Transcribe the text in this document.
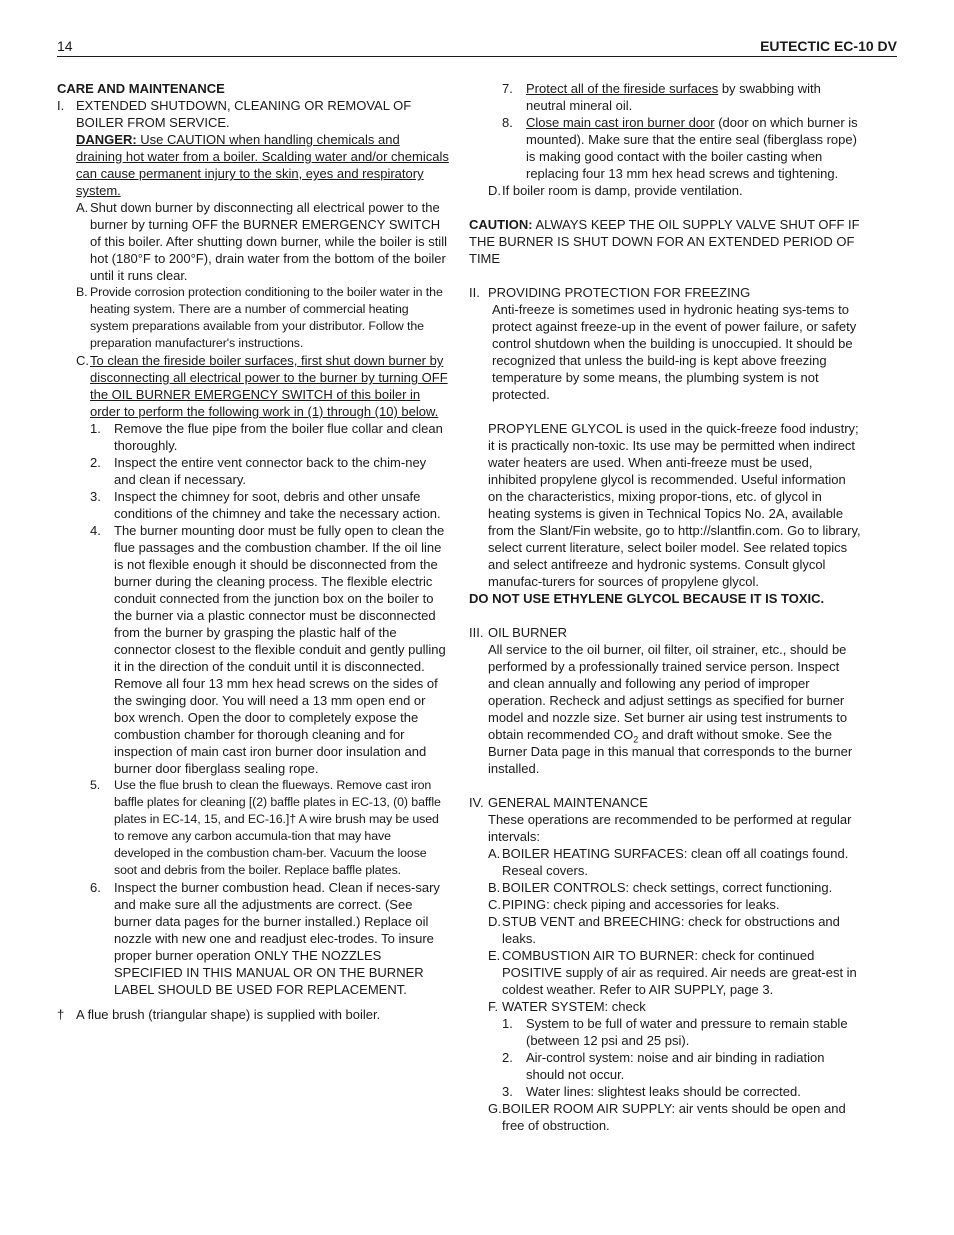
14	EUTECTIC EC-10 DV

CARE AND MAINTENANCE

I. EXTENDED SHUTDOWN, CLEANING OR REMOVAL OF BOILER FROM SERVICE.

DANGER: Use CAUTION when handling chemicals and draining hot water from a boiler. Scalding water and/or chemicals can cause permanent injury to the skin, eyes and respiratory system.

A. Shut down burner by disconnecting all electrical power to the burner by turning OFF the BURNER EMERGENCY SWITCH of this boiler. After shutting down burner, while the boiler is still hot (180°F to 200°F), drain water from the bottom of the boiler until it runs clear.

B. Provide corrosion protection conditioning to the boiler water in the heating system. There are a number of commercial heating system preparations available from your distributor. Follow the preparation manufacturer's instructions.

C. To clean the fireside boiler surfaces, first shut down burner by disconnecting all electrical power to the burner by turning OFF the OIL BURNER EMERGENCY SWITCH of this boiler in order to perform the following work in (1) through (10) below.

1.	Remove the flue pipe from the boiler flue collar and clean thoroughly.

2.	Inspect the entire vent connector back to the chim-ney and clean if necessary.

3.	Inspect the chimney for soot, debris and other unsafe conditions of the chimney and take the necessary action.

4.	The burner mounting door must be fully open to clean the flue passages and the combustion chamber. If the oil line is not flexible enough it should be disconnected from the burner during the cleaning process. The flexible electric conduit connected from the junction box on the boiler to the burner via a plastic connector must be disconnected from the burner by grasping the plastic half of the connector closest to the flexible conduit and gently pulling it in the direction of the conduit until it is disconnected. Remove all four 13 mm hex head screws on the sides of the swinging door. You will need a 13 mm open end or box wrench. Open the door to completely expose the combustion chamber for thorough cleaning and for inspection of main cast iron burner door insulation and burner door fiberglass sealing rope.

5.	Use the flue brush to clean the flueways. Remove cast iron baffle plates for cleaning [(2) baffle plates in EC-13, (0) baffle plates in EC-14, 15, and EC-16.]† A wire brush may be used to remove any carbon accumula-tion that may have developed in the combustion cham-ber. Vacuum the loose soot and debris from the boiler. Replace baffle plates.

6.	Inspect the burner combustion head. Clean if neces-sary and make sure all the adjustments are correct. (See burner data pages for the burner installed.) Replace oil nozzle with new one and readjust elec-trodes. To insure proper burner operation ONLY THE NOZZLES SPECIFIED IN THIS MANUAL OR ON THE BURNER LABEL SHOULD BE USED FOR REPLACEMENT.

† A flue brush (triangular shape) is supplied with boiler.

7.	Protect all of the fireside surfaces by swabbing with neutral mineral oil.

8.	Close main cast iron burner door (door on which burner is mounted). Make sure that the entire seal (fiberglass rope) is making good contact with the boiler casting when replacing four 13 mm hex head screws and tightening.

D. If boiler room is damp, provide ventilation.

CAUTION: ALWAYS KEEP THE OIL SUPPLY VALVE SHUT OFF IF THE BURNER IS SHUT DOWN FOR AN EXTENDED PERIOD OF TIME

II. PROVIDING PROTECTION FOR FREEZING

Anti-freeze is sometimes used in hydronic heating sys-tems to protect against freeze-up in the event of power failure, or safety control shutdown when the building is unoccupied. It should be recognized that unless the build-ing is kept above freezing temperature by some means, the plumbing system is not protected.

PROPYLENE GLYCOL is used in the quick-freeze food industry; it is practically non-toxic. Its use may be permitted when indirect water heaters are used. When anti-freeze must be used, inhibited propylene glycol is recommended. Useful information on the characteristics, mixing propor-tions, etc. of glycol in heating systems is given in Technical Topics No. 2A, available from the Slant/Fin website, go to http://slantfin.com. Go to library, select current literature, select boiler model. See related topics and select antifreeze and hydronic systems. Consult glycol manufac-turers for sources of propylene glycol.

DO NOT USE ETHYLENE GLYCOL BECAUSE IT IS TOXIC.

III. OIL BURNER

All service to the oil burner, oil filter, oil strainer, etc., should be performed by a professionally trained service person. Inspect and clean annually and following any period of improper operation. Recheck and adjust settings as specified for burner model and nozzle size. Set burner air using test instruments to obtain recommended $CO_2$ and draft without smoke. See the Burner Data page in this manual that corresponds to the burner installed.

IV. GENERAL MAINTENANCE

These operations are recommended to be performed at regular intervals:

A. BOILER HEATING SURFACES: clean off all coatings found. Reseal covers.

B. BOILER CONTROLS: check settings, correct functioning.

C. PIPING: check piping and accessories for leaks.

D. STUB VENT and BREECHING: check for obstructions and leaks.

E. COMBUSTION AIR TO BURNER: check for continued POSITIVE supply of air as required. Air needs are great-est in coldest weather. Refer to AIR SUPPLY, page 3.

F. WATER SYSTEM: check

1.	System to be full of water and pressure to remain stable (between 12 psi and 25 psi).

2.	Air-control system: noise and air binding in radiation should not occur.

3.	Water lines: slightest leaks should be corrected.

G. BOILER ROOM AIR SUPPLY: air vents should be open and free of obstruction.
